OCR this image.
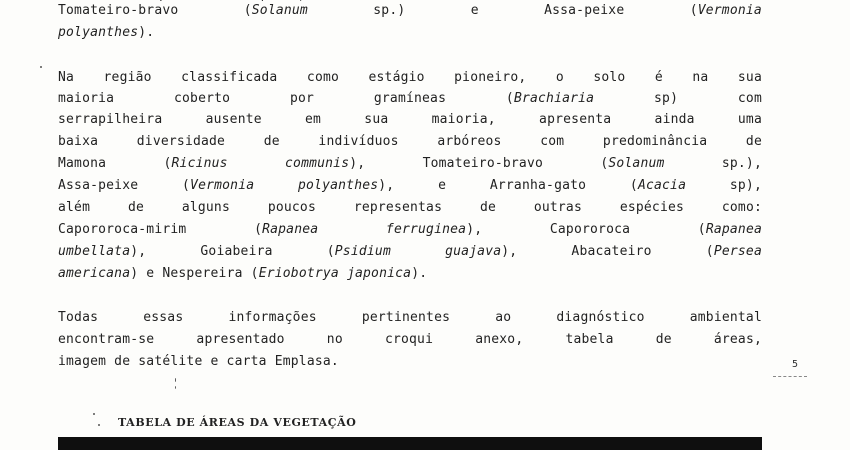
Tomateiro-bravo	(Solanum	sp.)	e	Assa-peixe	(Vermonia
polyanthes).
Na região classificada como estágio pioneiro, o solo é na sua
maioria	coberto	por	gramíneas	(Brachiaria	sp)	com
serrapilheira ausente em sua maioria, apresenta ainda uma
baixa diversidade de indivíduos arbóreos com predominância de
Mamona (Ricinus communis), Tomateiro-bravo (Solanum sp.),
Assa-peixe (Vermonia polyanthes), e Arranha-gato (Acacia sp),
além de alguns poucos representas de outras espécies como:
Capororoca-mirim (Rapanea ferruginea), Capororoca (Rapanea
umbellata), Goiabeira (Psidium guajava), Abacateiro (Persea
americana) e Nespereira (Eriobotrya japonica).
Todas essas informações pertinentes ao diagnóstico ambiental
encontram-se apresentado no croqui anexo, tabela de áreas,
imagem de satélite e carta Emplasa.	5
TABELA DE ÁREAS DA VEGETAÇÃO
